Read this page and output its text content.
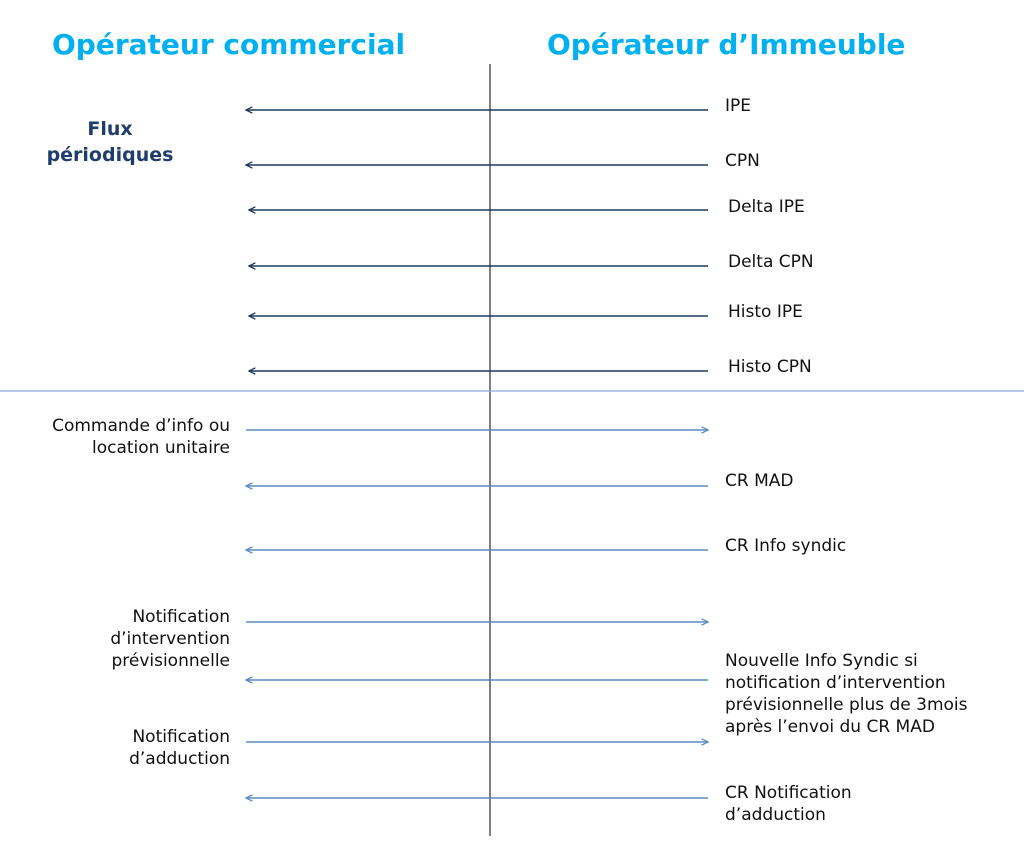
Opérateur commercial	Opérateur d’Immeuble
Flux
périodiques
IPE
CPN
Delta IPE
Delta CPN
Histo IPE
Histo CPN
Commande d’info ou
location unitaire
CR MAD
CR Info syndic
Notification
d’intervention
prévisionnelle	Nouvelle Info Syndic si
notification d’intervention
prévisionnelle plus de 3mois
après l’envoi du CR MAD
Notification
d’adduction
CR Notification
d’adduction
